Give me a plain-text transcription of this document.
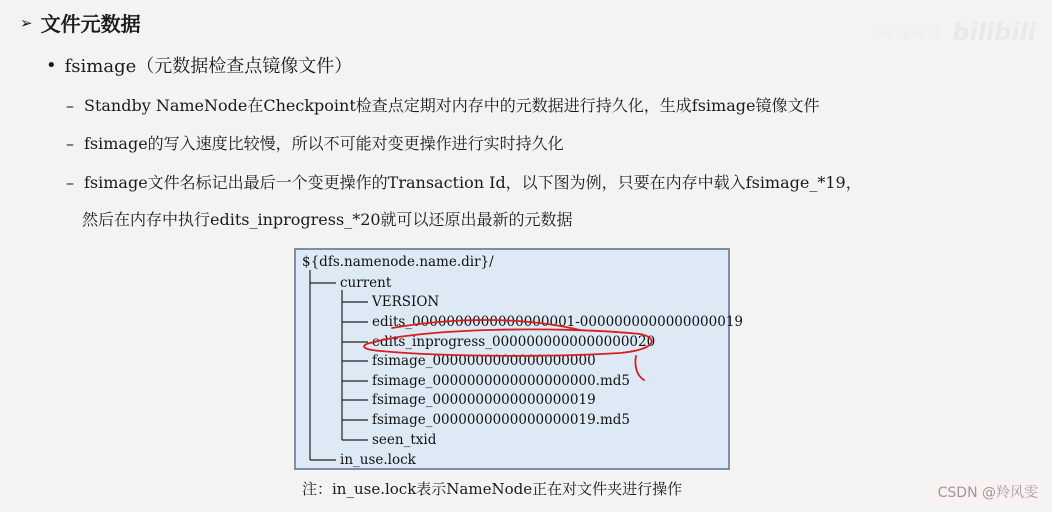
➢ 文件元数据
• fsimage（元数据检查点镜像文件）
– Standby NameNode在Checkpoint检查点定期对内存中的元数据进行持久化，生成fsimage镜像文件
– fsimage的写入速度比较慢，所以不可能对变更操作进行实时持久化
– fsimage文件名标记出最后一个变更操作的Transaction Id，以下图为例，只要在内存中载入fsimage_*19，
然后在内存中执行edits_inprogress_*20就可以还原出最新的元数据
${dfs.namenode.name.dir}/
current
VERSION
edits_0000000000000000001-0000000000000000019
edits_inprogress_0000000000000000020
fsimage_0000000000000000000
fsimage_0000000000000000000.md5
fsimage_0000000000000000019
fsimage_0000000000000000019.md5
seen_txid
in_use.lock
注：in_use.lock表示NameNode正在对文件夹进行操作
哔哩哔哩 bilibili
CSDN @羚风雯
